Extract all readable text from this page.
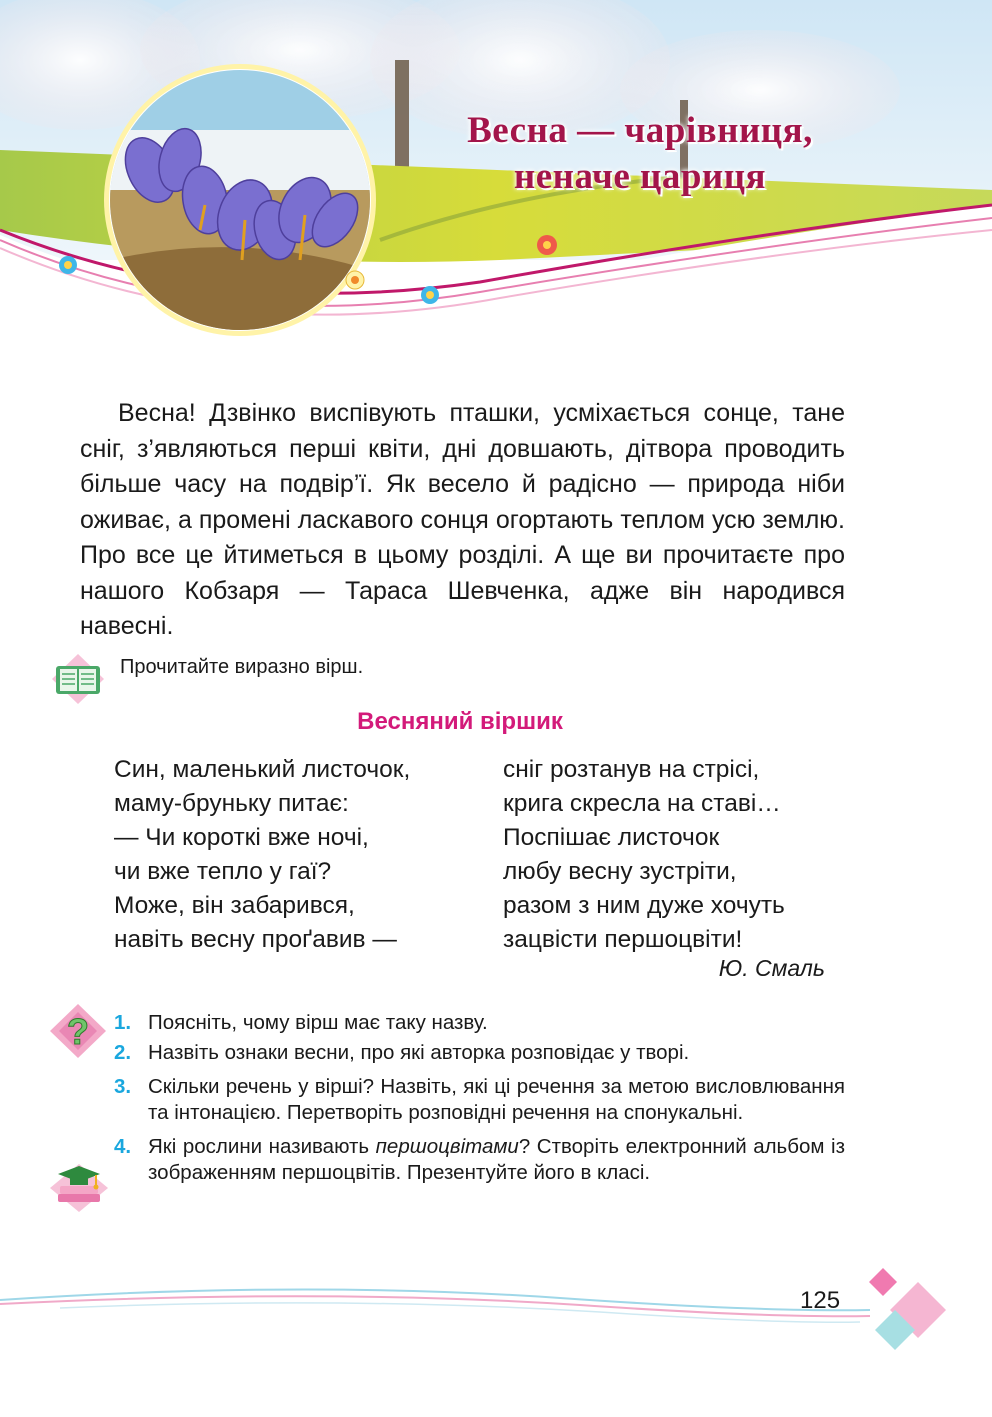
Весна — чарівниця,
неначе цариця
Весна! Дзвінко виспівують пташки, усміхається сонце, тане сніг, з’являються перші квіти, дні довшають, дітвора проводить більше часу на подвір’ї. Як весело й радісно — природа ніби оживає, а промені ласкавого сонця огортають теплом усю землю. Про все це йтиметься в цьому розділі. А ще ви прочитаєте про нашого Кобзаря — Тараса Шевченка, адже він народився навесні.
Прочитайте виразно вірш.
Весняний віршик
Син, маленький листочок,
маму-бруньку питає:
— Чи короткі вже ночі,
чи вже тепло у гаї?
Може, він забарився,
навіть весну проґавив —
сніг розтанув на стрісі,
крига скресла на ставі…
Поспішає листочок
любу весну зустріти,
разом з ним дуже хочуть
зацвісти першоцвіти!
Ю. Смаль
? 1. Поясніть, чому вірш має таку назву.
2. Назвіть ознаки весни, про які авторка розповідає у творі.
3. Скільки речень у вірші? Назвіть, які ці речення за метою висловлювання та інтонацією. Перетворіть розповідні речення на спонукальні.
4. Які рослини називають першоцвітами? Створіть електронний альбом із зображенням першоцвітів. Презентуйте його в класі.
125
